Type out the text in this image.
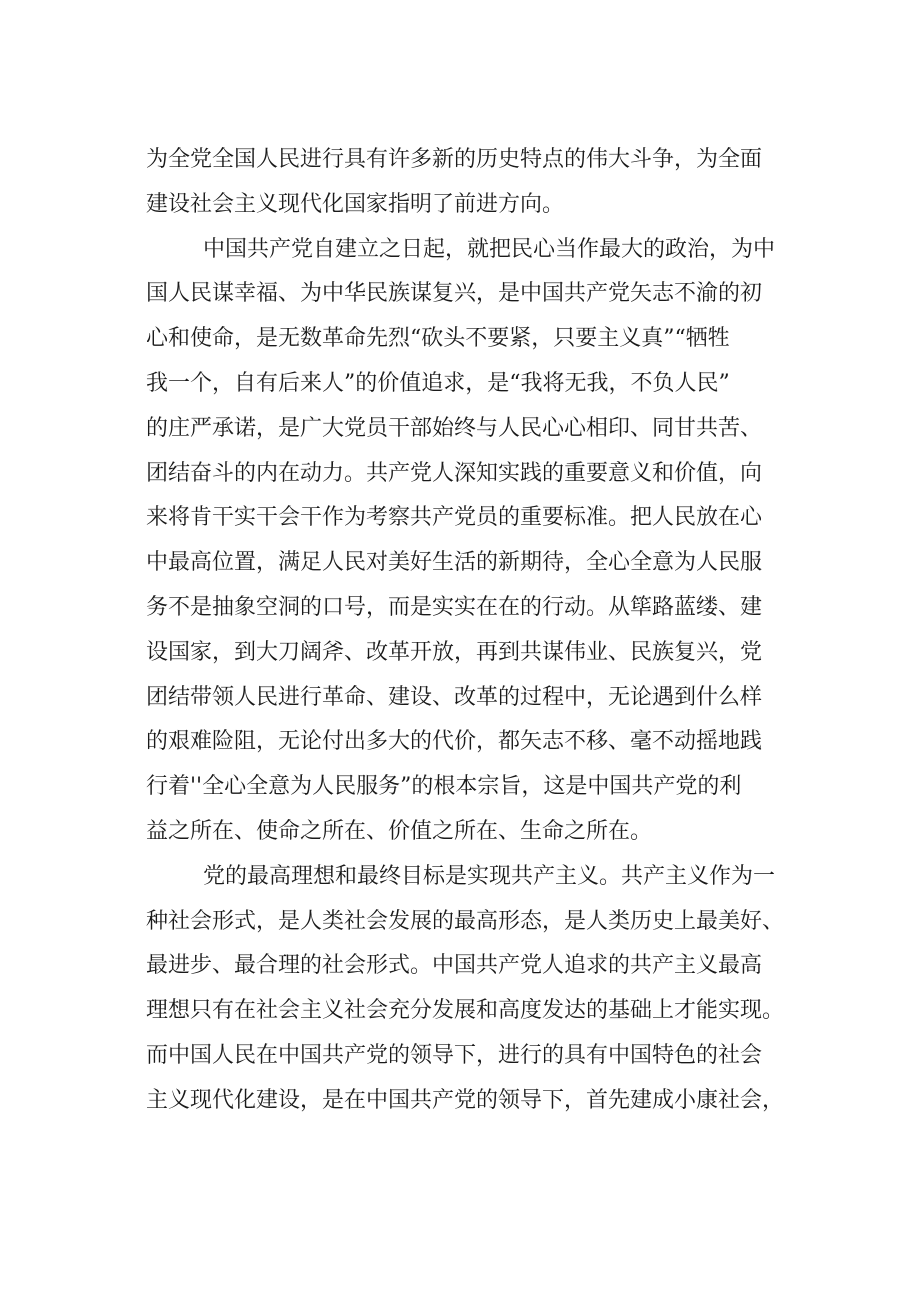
为全党全国人民进行具有许多新的历史特点的伟大斗争，为全面
建设社会主义现代化国家指明了前进方向。

中国共产党自建立之日起，就把民心当作最大的政治，为中
国人民谋幸福、为中华民族谋复兴，是中国共产党矢志不渝的初
心和使命，是无数革命先烈“砍头不要紧，只要主义真”“牺牲
我一个，自有后来人”的价值追求，是“我将无我，不负人民”
的庄严承诺，是广大党员干部始终与人民心心相印、同甘共苦、
团结奋斗的内在动力。共产党人深知实践的重要意义和价值，向
来将肯干实干会干作为考察共产党员的重要标准。把人民放在心
中最高位置，满足人民对美好生活的新期待，全心全意为人民服
务不是抽象空洞的口号，而是实实在在的行动。从筚路蓝缕、建
设国家，到大刀阔斧、改革开放，再到共谋伟业、民族复兴，党
团结带领人民进行革命、建设、改革的过程中，无论遇到什么样
的艰难险阻，无论付出多大的代价，都矢志不移、毫不动摇地践
行着''全心全意为人民服务”的根本宗旨，这是中国共产党的利
益之所在、使命之所在、价值之所在、生命之所在。

党的最高理想和最终目标是实现共产主义。共产主义作为一
种社会形式，是人类社会发展的最高形态，是人类历史上最美好、
最进步、最合理的社会形式。中国共产党人追求的共产主义最高
理想只有在社会主义社会充分发展和高度发达的基础上才能实现。
而中国人民在中国共产党的领导下，进行的具有中国特色的社会
主义现代化建设，是在中国共产党的领导下，首先建成小康社会，
